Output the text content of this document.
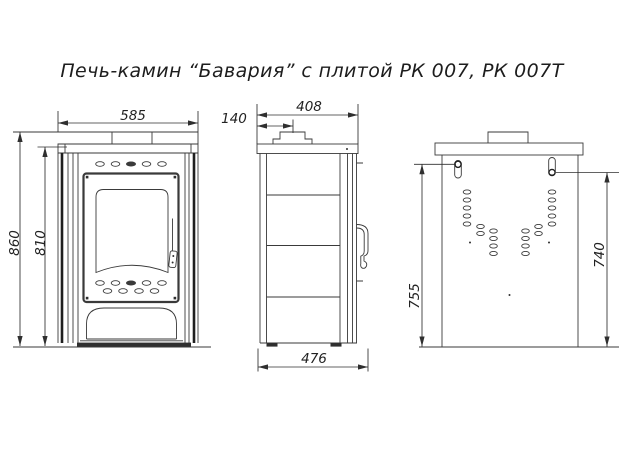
Печь-камин “Бавария” с плитой РК 007, РК 007Т
585	140
408
476
860 810
755
740
